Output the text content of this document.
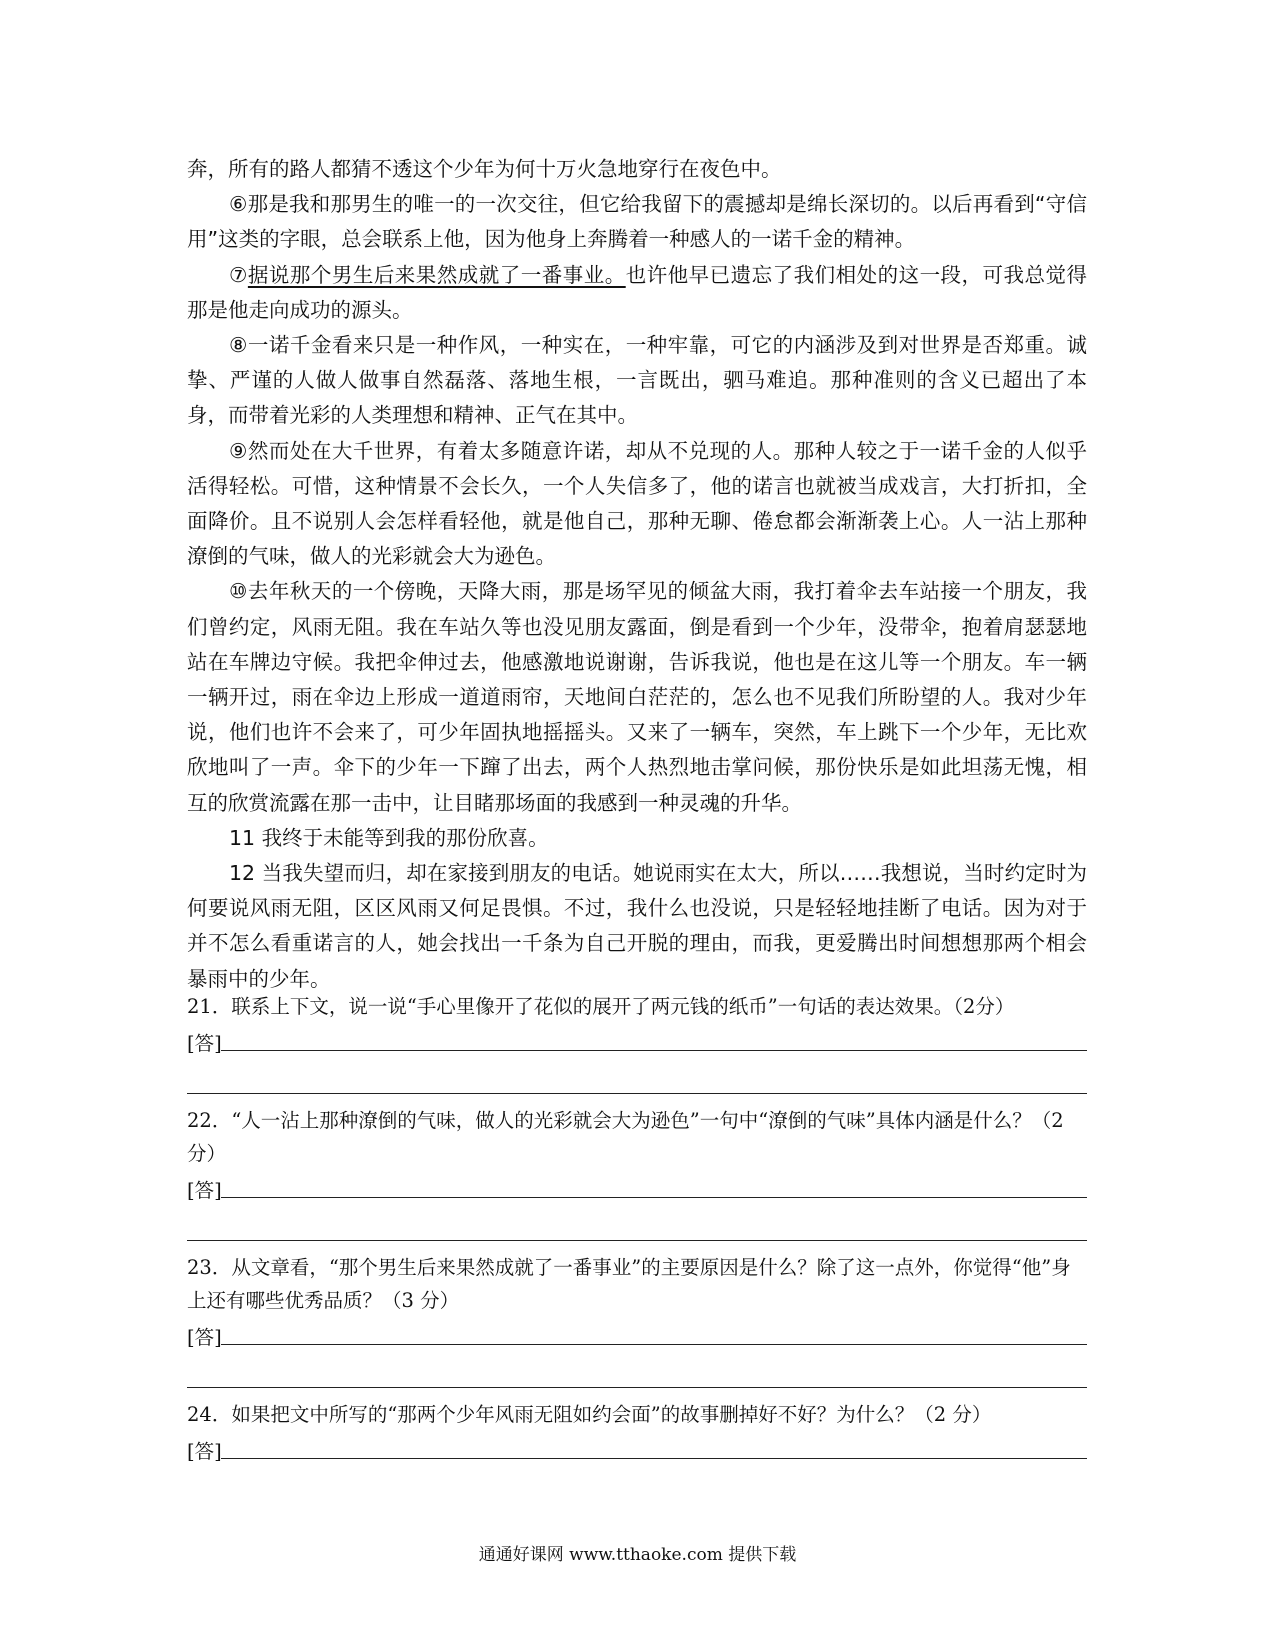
奔，所有的路人都猜不透这个少年为何十万火急地穿行在夜色中。

⑥那是我和那男生的唯一的一次交往，但它给我留下的震撼却是绵长深切的。以后再看到“守信用”这类的字眼，总会联系上他，因为他身上奔腾着一种感人的一诺千金的精神。

⑦据说那个男生后来果然成就了一番事业。也许他早已遗忘了我们相处的这一段，可我总觉得那是他走向成功的源头。

⑧一诺千金看来只是一种作风，一种实在，一种牢靠，可它的内涵涉及到对世界是否郑重。诚挚、严谨的人做人做事自然磊落、落地生根，一言既出，驷马难追。那种准则的含义已超出了本身，而带着光彩的人类理想和精神、正气在其中。

⑨然而处在大千世界，有着太多随意许诺，却从不兑现的人。那种人较之于一诺千金的人似乎活得轻松。可惜，这种情景不会长久，一个人失信多了，他的诺言也就被当成戏言，大打折扣，全面降价。且不说别人会怎样看轻他，就是他自己，那种无聊、倦怠都会渐渐袭上心。人一沾上那种潦倒的气味，做人的光彩就会大为逊色。

⑩去年秋天的一个傍晚，天降大雨，那是场罕见的倾盆大雨，我打着伞去车站接一个朋友，我们曾约定，风雨无阻。我在车站久等也没见朋友露面，倒是看到一个少年，没带伞，抱着肩瑟瑟地站在车牌边守候。我把伞伸过去，他感激地说谢谢，告诉我说，他也是在这儿等一个朋友。车一辆一辆开过，雨在伞边上形成一道道雨帘，天地间白茫茫的，怎么也不见我们所盼望的人。我对少年说，他们也许不会来了，可少年固执地摇摇头。又来了一辆车，突然，车上跳下一个少年，无比欢欣地叫了一声。伞下的少年一下蹿了出去，两个人热烈地击掌问候，那份快乐是如此坦荡无愧，相互的欣赏流露在那一击中，让目睹那场面的我感到一种灵魂的升华。

11 我终于未能等到我的那份欣喜。

12 当我失望而归，却在家接到朋友的电话。她说雨实在太大，所以……我想说，当时约定时为何要说风雨无阻，区区风雨又何足畏惧。不过，我什么也没说，只是轻轻地挂断了电话。因为对于并不怎么看重诺言的人，她会找出一千条为自己开脱的理由，而我，更爱腾出时间想想那两个相会暴雨中的少年。

21．联系上下文，说一说“手心里像开了花似的展开了两元钱的纸币”一句话的表达效果。（2分）

[答]

22．“人一沾上那种潦倒的气味，做人的光彩就会大为逊色”一句中“潦倒的气味”具体内涵是什么？（2 分）

[答]

23．从文章看，“那个男生后来果然成就了一番事业”的主要原因是什么？除了这一点外，你觉得“他”身上还有哪些优秀品质？（3 分）

[答]

24．如果把文中所写的“那两个少年风雨无阻如约会面”的故事删掉好不好？为什么？（2 分）

[答]
通通好课网 www.tthaoke.com 提供下载
